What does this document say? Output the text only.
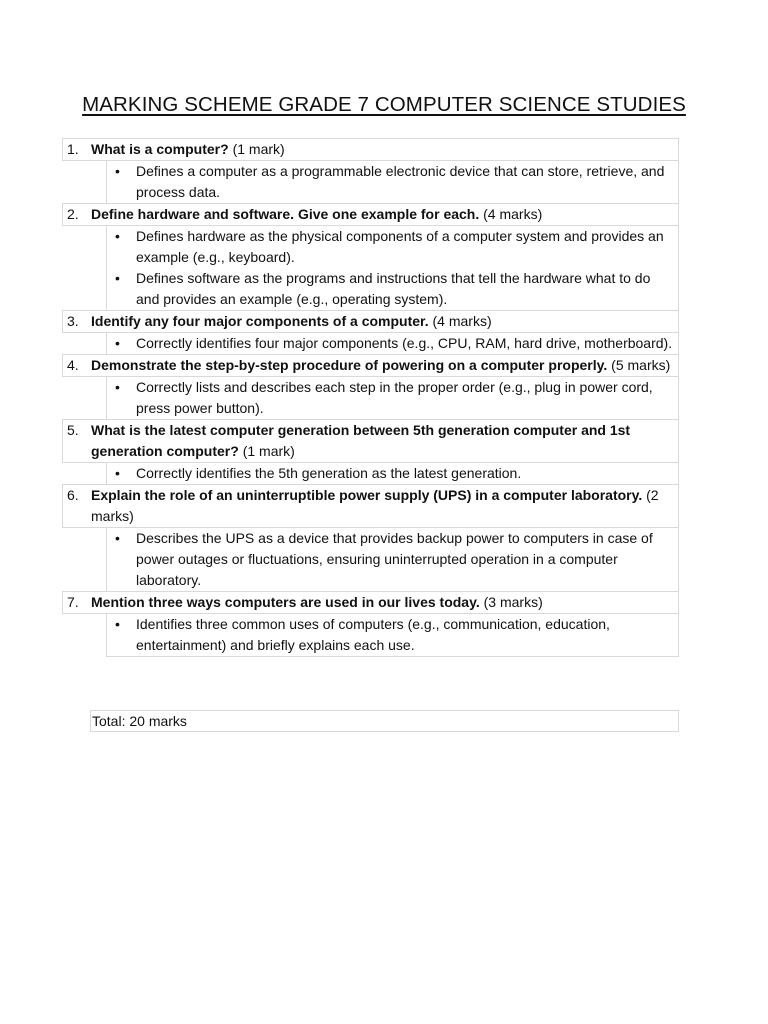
MARKING SCHEME GRADE 7 COMPUTER SCIENCE STUDIES
1. What is a computer? (1 mark)
• Defines a computer as a programmable electronic device that can store, retrieve, and process data.
2. Define hardware and software. Give one example for each. (4 marks)
• Defines hardware as the physical components of a computer system and provides an example (e.g., keyboard).
• Defines software as the programs and instructions that tell the hardware what to do and provides an example (e.g., operating system).
3. Identify any four major components of a computer. (4 marks)
• Correctly identifies four major components (e.g., CPU, RAM, hard drive, motherboard).
4. Demonstrate the step-by-step procedure of powering on a computer properly. (5 marks)
• Correctly lists and describes each step in the proper order (e.g., plug in power cord, press power button).
5. What is the latest computer generation between 5th generation computer and 1st generation computer? (1 mark)
• Correctly identifies the 5th generation as the latest generation.
6. Explain the role of an uninterruptible power supply (UPS) in a computer laboratory. (2 marks)
• Describes the UPS as a device that provides backup power to computers in case of power outages or fluctuations, ensuring uninterrupted operation in a computer laboratory.
7. Mention three ways computers are used in our lives today. (3 marks)
• Identifies three common uses of computers (e.g., communication, education, entertainment) and briefly explains each use.
Total: 20 marks
